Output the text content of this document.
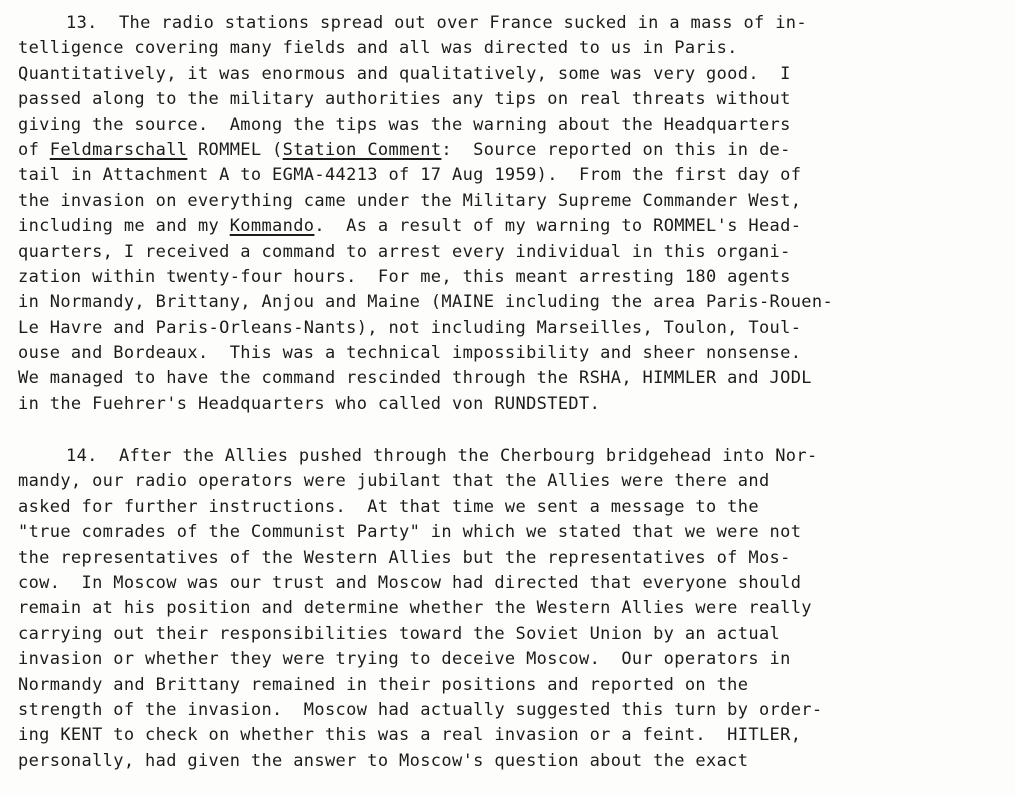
13. The radio stations spread out over France sucked in a mass of in-
telligence covering many fields and all was directed to us in Paris.
Quantitatively, it was enormous and qualitatively, some was very good.  I
passed along to the military authorities any tips on real threats without
giving the source.  Among the tips was the warning about the Headquarters
of Feldmarschall ROMMEL (Station Comment:  Source reported on this in de-
tail in Attachment A to EGMA-44213 of 17 Aug 1959).  From the first day of
the invasion on everything came under the Military Supreme Commander West,
including me and my Kommando.  As a result of my warning to ROMMEL's Head-
quarters, I received a command to arrest every individual in this organi-
zation within twenty-four hours.  For me, this meant arresting 180 agents
in Normandy, Brittany, Anjou and Maine (MAINE including the area Paris-Rouen-
Le Havre and Paris-Orleans-Nants), not including Marseilles, Toulon, Toul-
ouse and Bordeaux.  This was a technical impossibility and sheer nonsense.
We managed to have the command rescinded through the RSHA, HIMMLER and JODL
in the Fuehrer's Headquarters who called von RUNDSTEDT.
14. After the Allies pushed through the Cherbourg bridgehead into Nor-
mandy, our radio operators were jubilant that the Allies were there and
asked for further instructions.  At that time we sent a message to the
"true comrades of the Communist Party" in which we stated that we were not
the representatives of the Western Allies but the representatives of Mos-
cow.  In Moscow was our trust and Moscow had directed that everyone should
remain at his position and determine whether the Western Allies were really
carrying out their responsibilities toward the Soviet Union by an actual
invasion or whether they were trying to deceive Moscow.  Our operators in
Normandy and Brittany remained in their positions and reported on the
strength of the invasion.  Moscow had actually suggested this turn by order-
ing KENT to check on whether this was a real invasion or a feint.  HITLER,
personally, had given the answer to Moscow's question about the exact
